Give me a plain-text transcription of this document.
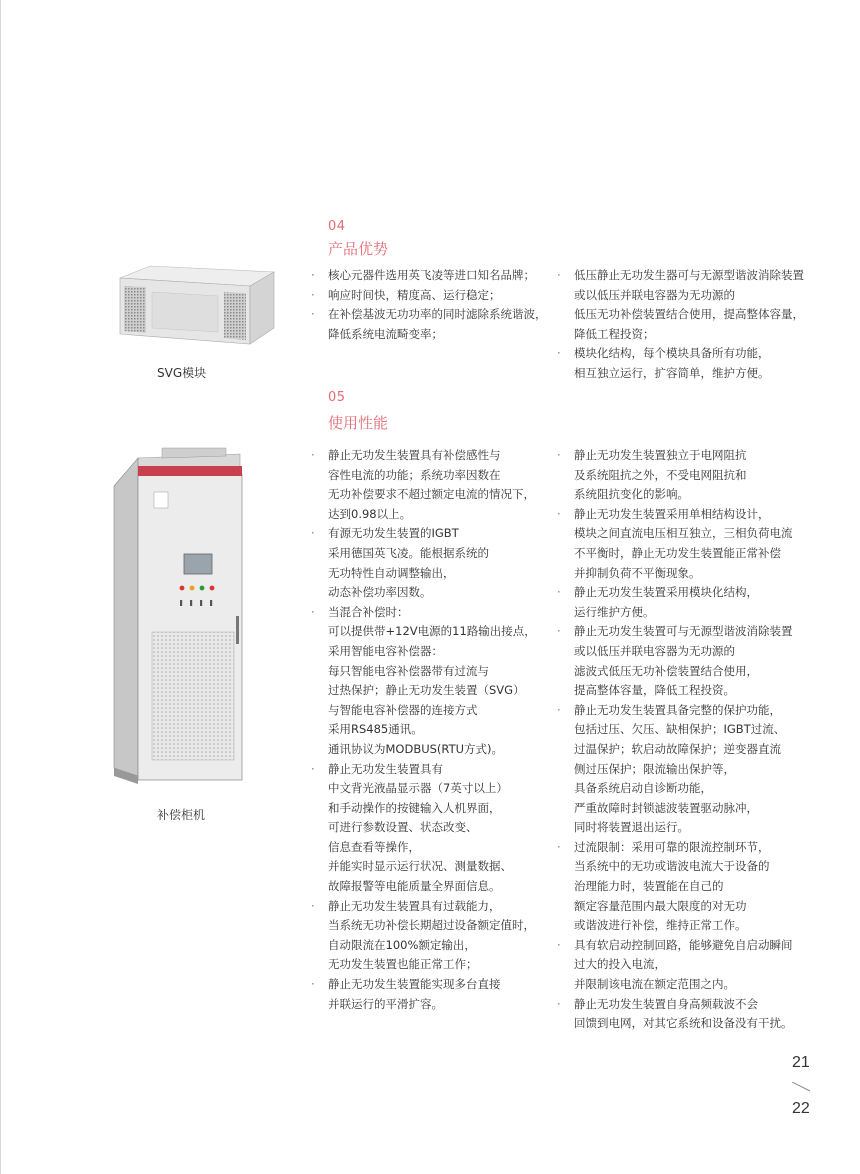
SVG模块
04
产品优势

· 核心元器件选用英飞凌等进口知名品牌；

· 响应时间快，精度高、运行稳定；

· 在补偿基波无功功率的同时滤除系统谐波，

降低系统电流畸变率；

· 低压静止无功发生器可与无源型谐波消除装置

或以低压并联电容器为无功源的

低压无功补偿装置结合使用，提高整体容量，

降低工程投资；

· 模块化结构，每个模块具备所有功能，

相互独立运行，扩容简单，维护方便。

05
使用性能

· 静止无功发生装置具有补偿感性与

容性电流的功能；系统功率因数在

无功补偿要求不超过额定电流的情况下，

达到0.98以上。

· 有源无功发生装置的IGBT

采用德国英飞凌。能根据系统的

无功特性自动调整输出，

动态补偿功率因数。

· 当混合补偿时：

可以提供带+12V电源的11路输出接点，

采用智能电容补偿器：

每只智能电容补偿器带有过流与

过热保护；静止无功发生装置（SVG）

与智能电容补偿器的连接方式

采用RS485通讯。

通讯协议为MODBUS(RTU方式)。

· 静止无功发生装置具有

中文背光液晶显示器（7英寸以上）

和手动操作的按键输入人机界面，

可进行参数设置、状态改变、

信息查看等操作，

并能实时显示运行状况、测量数据、

故障报警等电能质量全界面信息。

· 静止无功发生装置具有过载能力，

当系统无功补偿长期超过设备额定值时，

自动限流在100%额定输出，

无功发生装置也能正常工作；

· 静止无功发生装置能实现多台直接

并联运行的平滑扩容。

· 静止无功发生装置独立于电网阻抗

及系统阻抗之外，不受电网阻抗和

系统阻抗变化的影响。

· 静止无功发生装置采用单相结构设计，

模块之间直流电压相互独立，三相负荷电流

不平衡时，静止无功发生装置能正常补偿

并抑制负荷不平衡现象。

· 静止无功发生装置采用模块化结构，

运行维护方便。

· 静止无功发生装置可与无源型谐波消除装置

或以低压并联电容器为无功源的

滤波式低压无功补偿装置结合使用，

提高整体容量，降低工程投资。

· 静止无功发生装置具备完整的保护功能，

包括过压、欠压、缺相保护；IGBT过流、

过温保护；软启动故障保护；逆变器直流

侧过压保护；限流输出保护等，

具备系统启动自诊断功能，

严重故障时封锁滤波装置驱动脉冲，

同时将装置退出运行。

· 过流限制：采用可靠的限流控制环节，

当系统中的无功或谐波电流大于设备的

治理能力时，装置能在自己的

额定容量范围内最大限度的对无功

或谐波进行补偿，维持正常工作。

· 具有软启动控制回路，能够避免自启动瞬间

过大的投入电流，

并限制该电流在额定范围之内。

· 静止无功发生装置自身高频载波不会

回馈到电网，对其它系统和设备没有干扰。

补偿柜机
21
22
